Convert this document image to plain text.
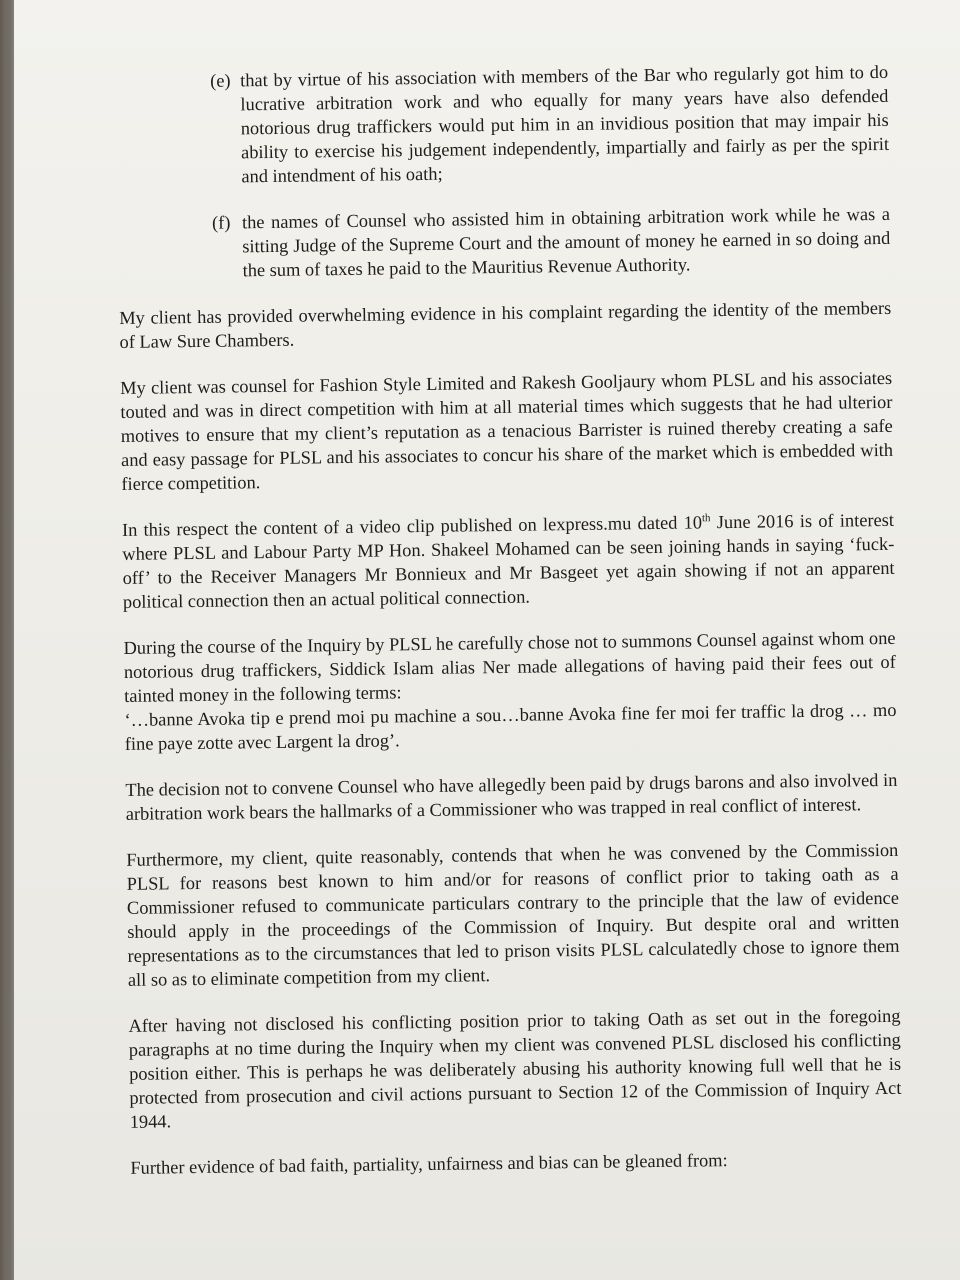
(e) that by virtue of his association with members of the Bar who regularly got him to do lucrative arbitration work and who equally for many years have also defended notorious drug traffickers would put him in an invidious position that may impair his ability to exercise his judgement independently, impartially and fairly as per the spirit and intendment of his oath;
(f) the names of Counsel who assisted him in obtaining arbitration work while he was a sitting Judge of the Supreme Court and the amount of money he earned in so doing and the sum of taxes he paid to the Mauritius Revenue Authority.

My client has provided overwhelming evidence in his complaint regarding the identity of the members of Law Sure Chambers.

My client was counsel for Fashion Style Limited and Rakesh Gooljaury whom PLSL and his associates touted and was in direct competition with him at all material times which suggests that he had ulterior motives to ensure that my client’s reputation as a tenacious Barrister is ruined thereby creating a safe and easy passage for PLSL and his associates to concur his share of the market which is embedded with fierce competition.

In this respect the content of a video clip published on lexpress.mu dated 10th June 2016 is of interest where PLSL and Labour Party MP Hon. Shakeel Mohamed can be seen joining hands in saying ‘fuck-off’ to the Receiver Managers Mr Bonnieux and Mr Basgeet yet again showing if not an apparent political connection then an actual political connection.

During the course of the Inquiry by PLSL he carefully chose not to summons Counsel against whom one notorious drug traffickers, Siddick Islam alias Ner made allegations of having paid their fees out of tainted money in the following terms:
‘…banne Avoka tip e prend moi pu machine a sou…banne Avoka fine fer moi fer traffic la drog … mo fine paye zotte avec Largent la drog’.

The decision not to convene Counsel who have allegedly been paid by drugs barons and also involved in arbitration work bears the hallmarks of a Commissioner who was trapped in real conflict of interest.

Furthermore, my client, quite reasonably, contends that when he was convened by the Commission PLSL for reasons best known to him and/or for reasons of conflict prior to taking oath as a Commissioner refused to communicate particulars contrary to the principle that the law of evidence should apply in the proceedings of the Commission of Inquiry. But despite oral and written representations as to the circumstances that led to prison visits PLSL calculatedly chose to ignore them all so as to eliminate competition from my client.

After having not disclosed his conflicting position prior to taking Oath as set out in the foregoing paragraphs at no time during the Inquiry when my client was convened PLSL disclosed his conflicting position either. This is perhaps he was deliberately abusing his authority knowing full well that he is protected from prosecution and civil actions pursuant to Section 12 of the Commission of Inquiry Act 1944.

Further evidence of bad faith, partiality, unfairness and bias can be gleaned from:
